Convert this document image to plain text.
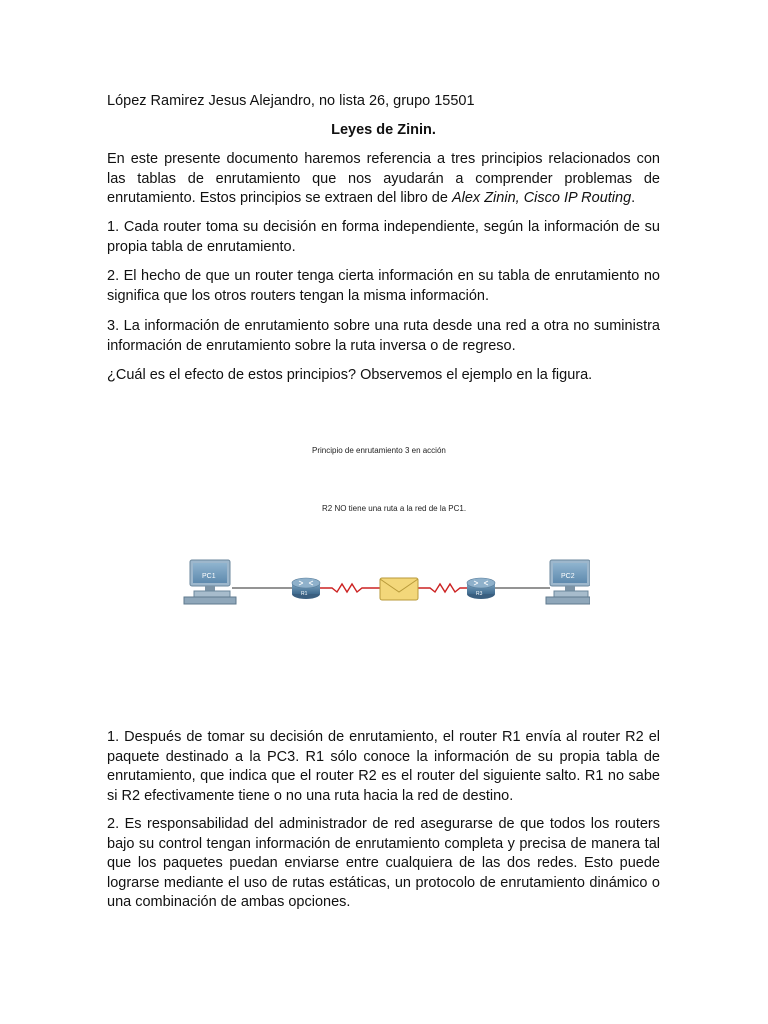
López Ramirez Jesus Alejandro, no lista 26, grupo 15501

Leyes de Zinin.

En este presente documento haremos referencia a tres principios relacionados con las tablas de enrutamiento que nos ayudarán a comprender problemas de enrutamiento. Estos principios se extraen del libro de Alex Zinin, Cisco IP Routing.

1. Cada router toma su decisión en forma independiente, según la información de su propia tabla de enrutamiento.

2. El hecho de que un router tenga cierta información en su tabla de enrutamiento no significa que los otros routers tengan la misma información.

3. La información de enrutamiento sobre una ruta desde una red a otra no suministra información de enrutamiento sobre la ruta inversa o de regreso.

¿Cuál es el efecto de estos principios? Observemos el ejemplo en la figura.

Principio de enrutamiento 3 en acción
R2 NO tiene una ruta a la red de la PC1.
PC1
R1	R3
PC2

1. Después de tomar su decisión de enrutamiento, el router R1 envía al router R2 el paquete destinado a la PC3. R1 sólo conoce la información de su propia tabla de enrutamiento, que indica que el router R2 es el router del siguiente salto. R1 no sabe si R2 efectivamente tiene o no una ruta hacia la red de destino.

2. Es responsabilidad del administrador de red asegurarse de que todos los routers bajo su control tengan información de enrutamiento completa y precisa de manera tal que los paquetes puedan enviarse entre cualquiera de las dos redes. Esto puede lograrse mediante el uso de rutas estáticas, un protocolo de enrutamiento dinámico o una combinación de ambas opciones.
